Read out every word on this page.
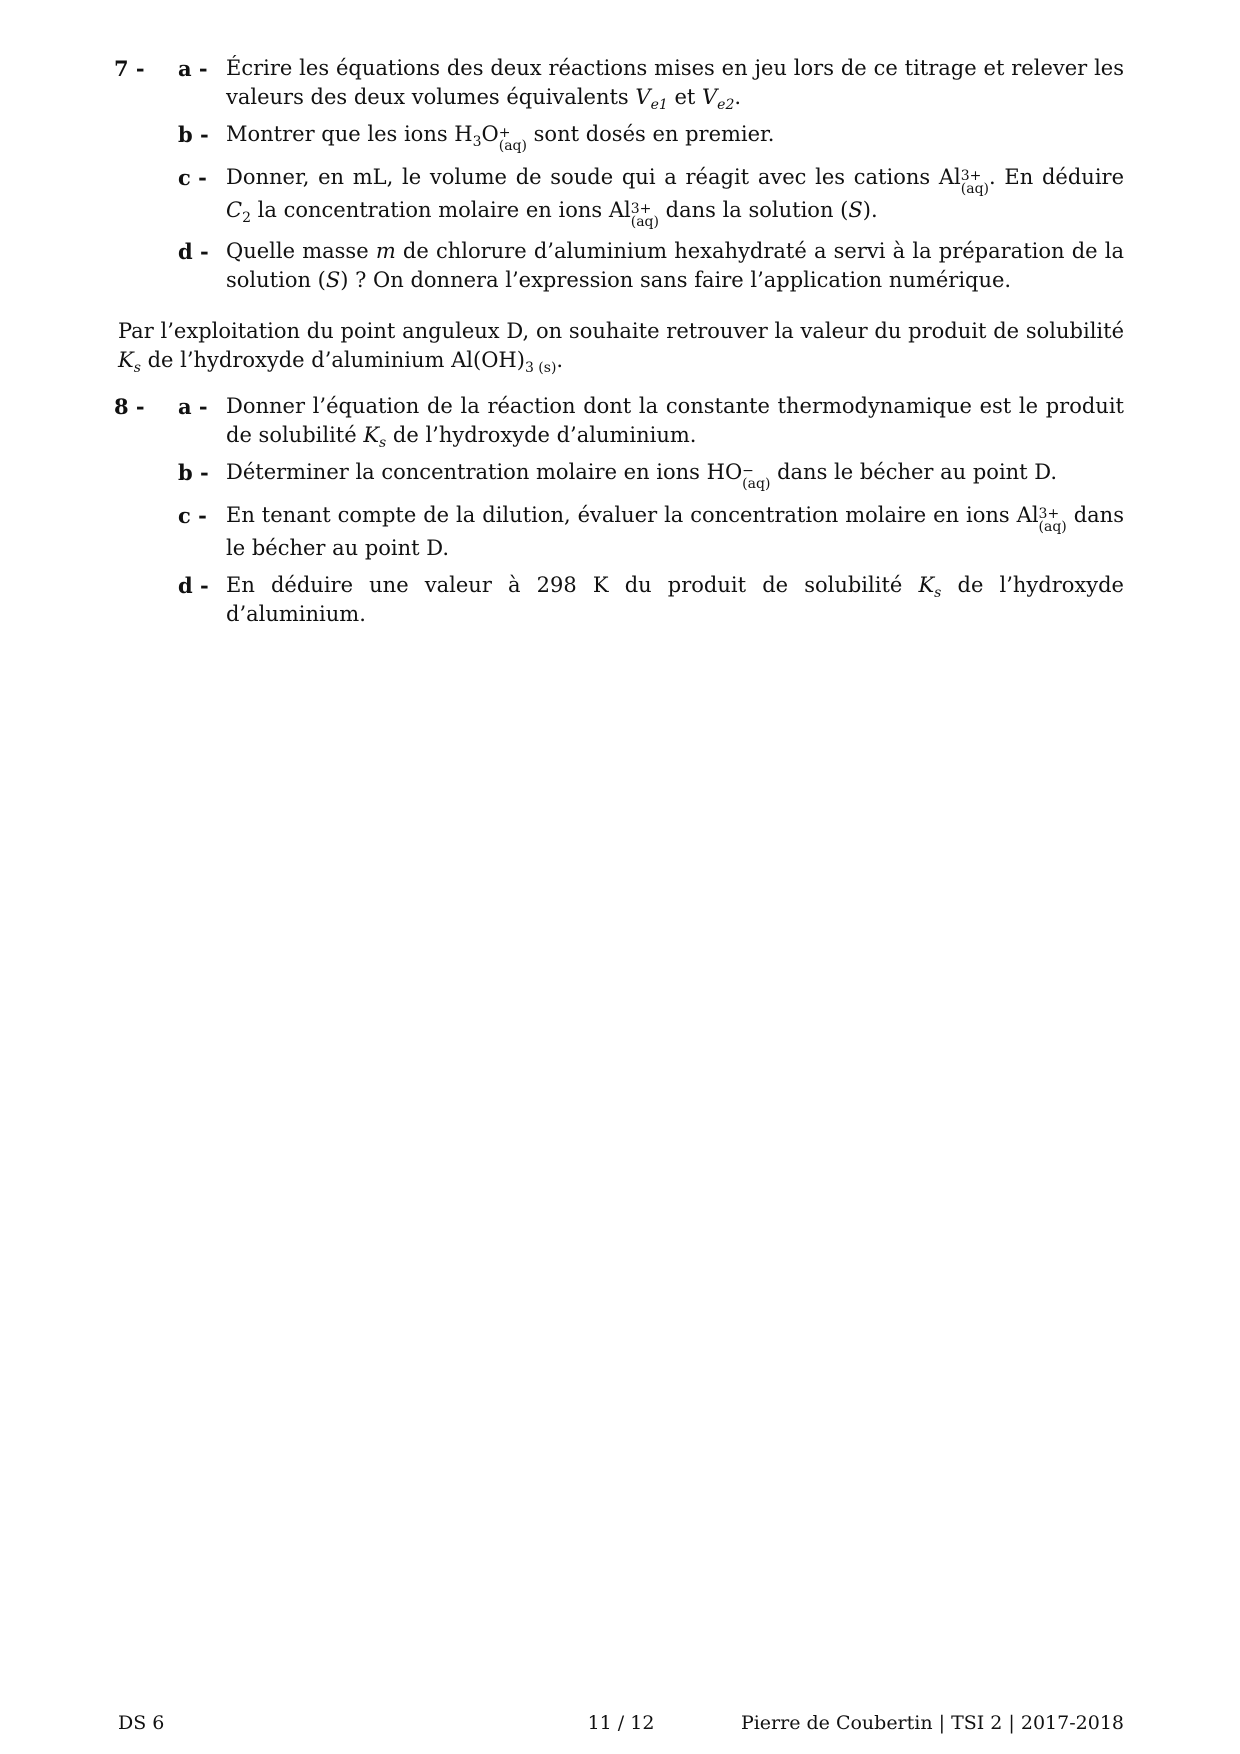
7 -	a - Écrire les équations des deux réactions mises en jeu lors de ce titrage et relever les valeurs des deux volumes équivalents $V_{e1}$ et $V_{e2}$.
b - Montrer que les ions $H_3O$ +
(aq) sont dosés en premier.
c - Donner, en mL, le volume de soude qui a réagit avec les cations Al 3+
(aq) . En déduire $C_2$ la concentration molaire en ions Al 3+
(aq) dans la solution (S).
d - Quelle masse m de chlorure d’aluminium hexahydraté a servi à la préparation de la solution (S) ? On donnera l’expression sans faire l’application numérique.
Par l’exploitation du point anguleux D, on souhaite retrouver la valeur du produit de solubilité $K_s$ de l’hydroxyde d’aluminium $Al(OH)_{3 (s)}$.
8 -	a - Donner l’équation de la réaction dont la constante thermodynamique est le produit de solubilité $K_s$ de l’hydroxyde d’aluminium.
b - Déterminer la concentration molaire en ions HO −
(aq) dans le bécher au point D.
c - En tenant compte de la dilution, évaluer la concentration molaire en ions Al 3+
(aq) dans le bécher au point D.
d - En déduire une valeur à 298 K du produit de solubilité $K_s$ de l’hydroxyde d’aluminium.
DS 6	11 / 12	Pierre de Coubertin | TSI 2 | 2017-2018
